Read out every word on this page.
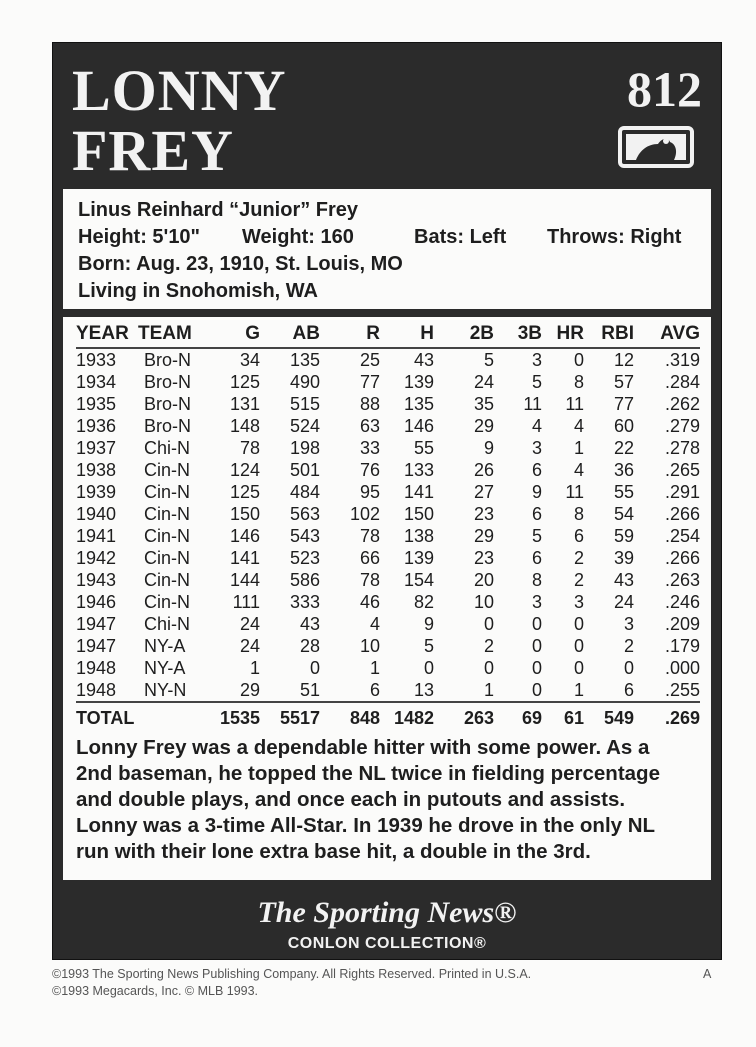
LONNY
FREY
812
Linus Reinhard “Junior” Frey
Height: 5'10" Weight: 160	Bats: Left Throws: Right
Born: Aug. 23, 1910, St. Louis, MO
Living in Snohomish, WA
YEAR	TEAM	G	AB	R	H	2B	3B	HR	RBI	AVG
1933	Bro-N	34	135	25	43	5	3	0	12	.319
1934	Bro-N	125	490	77	139	24	5	8	57	.284
1935	Bro-N	131	515	88	135	35	11	11	77	.262
1936	Bro-N	148	524	63	146	29	4	4	60	.279
1937	Chi-N	78	198	33	55	9	3	1	22	.278
1938	Cin-N	124	501	76	133	26	6	4	36	.265
1939	Cin-N	125	484	95	141	27	9	11	55	.291
1940	Cin-N	150	563	102	150	23	6	8	54	.266
1941	Cin-N	146	543	78	138	29	5	6	59	.254
1942	Cin-N	141	523	66	139	23	6	2	39	.266
1943	Cin-N	144	586	78	154	20	8	2	43	.263
1946	Cin-N	111	333	46	82	10	3	3	24	.246
1947	Chi-N	24	43	4	9	0	0	0	3	.209
1947	NY-A	24	28	10	5	2	0	0	2	.179
1948	NY-A	1	0	1	0	0	0	0	0	.000
1948	NY-N	29	51	6	13	1	0	1	6	.255
TOTAL		1535	5517	848	1482	263	69	61	549	.269
Lonny Frey was a dependable hitter with some power. As a
2nd baseman, he topped the NL twice in fielding percentage
and double plays, and once each in putouts and assists.
Lonny was a 3-time All-Star. In 1939 he drove in the only NL
run with their lone extra base hit, a double in the 3rd.
The Sporting News®
CONLON COLLECTION®
©1993 The Sporting News Publishing Company. All Rights Reserved. Printed in U.S.A.
©1993 Megacards, Inc. © MLB 1993.
A
